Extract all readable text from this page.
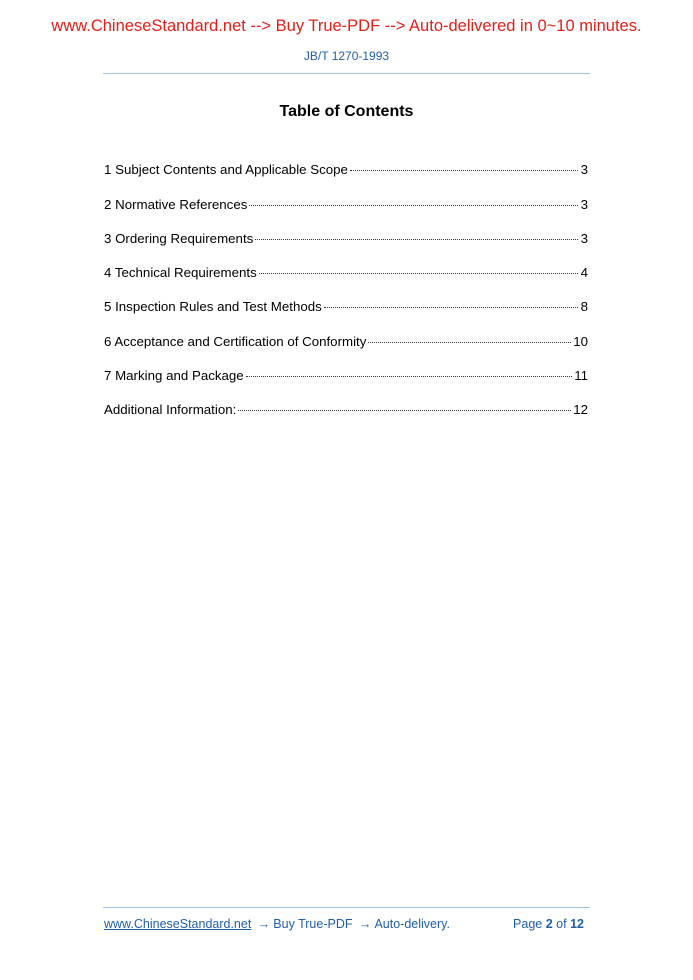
www.ChineseStandard.net --> Buy True-PDF --> Auto-delivered in 0~10 minutes.
JB/T 1270-1993
Table of Contents
1 Subject Contents and Applicable Scope	3
2 Normative References	3
3 Ordering Requirements	3
4 Technical Requirements	4
5 Inspection Rules and Test Methods	8
6 Acceptance and Certification of Conformity	10
7 Marking and Package	11
Additional Information:	12
www.ChineseStandard.net → Buy True-PDF → Auto-delivery.	Page 2 of 12
